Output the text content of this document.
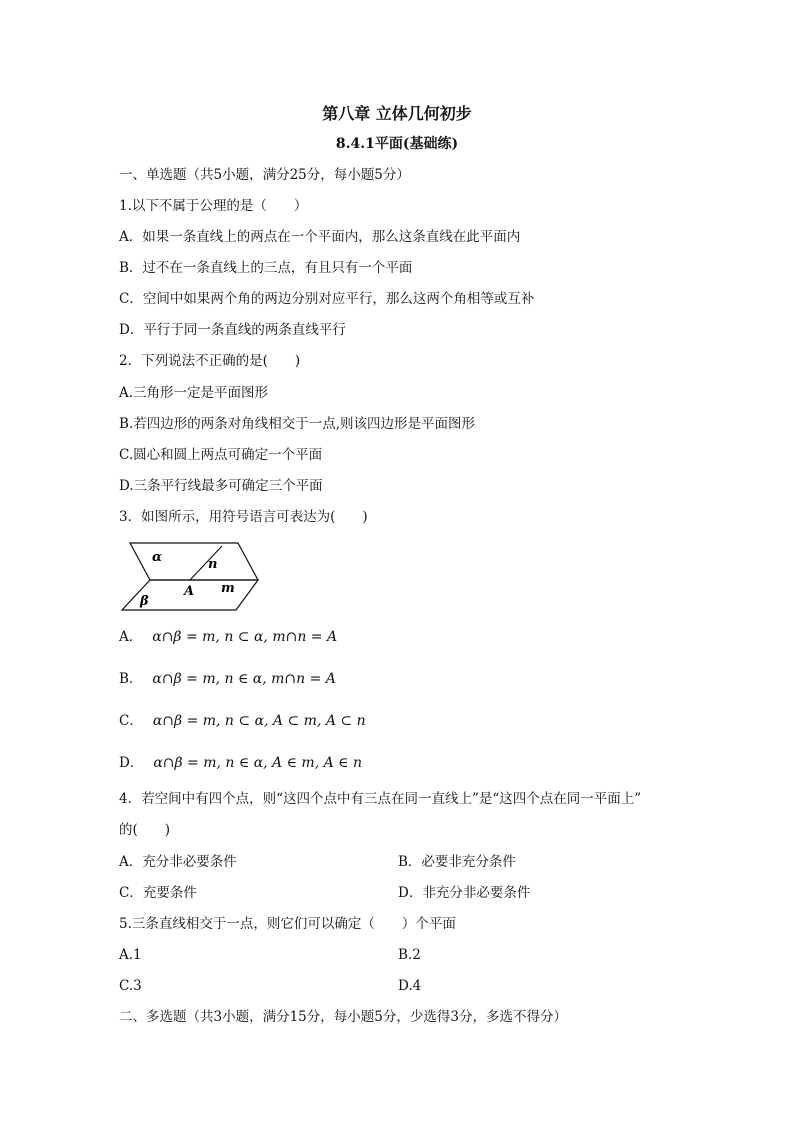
第八章 立体几何初步
8.4.1平面(基础练)
一、单选题（共5小题，满分25分，每小题5分）
1.以下不属于公理的是（　　）
A．如果一条直线上的两点在一个平面内，那么这条直线在此平面内
B．过不在一条直线上的三点，有且只有一个平面
C．空间中如果两个角的两边分别对应平行，那么这两个角相等或互补
D．平行于同一条直线的两条直线平行
2．下列说法不正确的是(　　)
A.三角形一定是平面图形
B.若四边形的两条对角线相交于一点,则该四边形是平面图形
C.圆心和圆上两点可确定一个平面
D.三条平行线最多可确定三个平面
3．如图所示，用符号语言可表达为(　　)
α	n
m
A
β
A． α∩β = m, n ⊂ α, m∩n = A
B． α∩β = m, n ∈ α, m∩n = A
C． α∩β = m, n ⊂ α, A ⊂ m, A ⊂ n
D． α∩β = m, n ∈ α, A ∈ m, A ∈ n
4．若空间中有四个点，则“这四个点中有三点在同一直线上”是“这四个点在同一平面上”
的(　　)
A．充分非必要条件	B．必要非充分条件
C．充要条件	D．非充分非必要条件
5.三条直线相交于一点，则它们可以确定（　　）个平面
A.1	B.2
C.3	D.4
二、多选题（共3小题，满分15分，每小题5分，少选得3分，多选不得分）
